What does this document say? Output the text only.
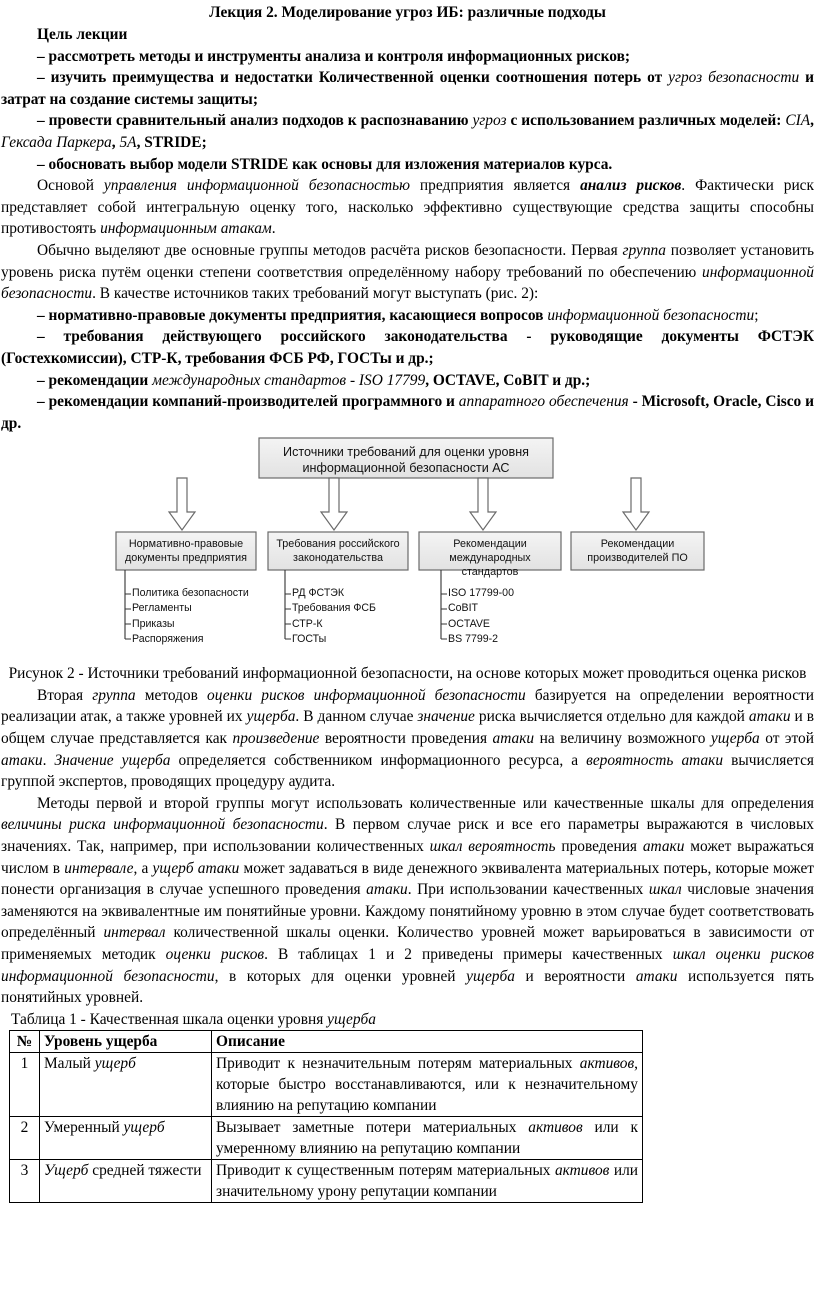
Лекция 2. Моделирование угроз ИБ: различные подходы
Цель лекции
– рассмотреть методы и инструменты анализа и контроля информационных рисков;
– изучить преимущества и недостатки Количественной оценки соотношения потерь от угроз безопасности и затрат на создание системы защиты;
– провести сравнительный анализ подходов к распознаванию угроз с использованием различных моделей: CIA, Гексада Паркера, 5А, STRIDE;
– обосновать выбор модели STRIDE как основы для изложения материалов курса.
Основой управления информационной безопасностью предприятия является анализ рисков. Фактически риск представляет собой интегральную оценку того, насколько эффективно существующие средства защиты способны противостоять информационным атакам.
Обычно выделяют две основные группы методов расчёта рисков безопасности. Первая группа позволяет установить уровень риска путём оценки степени соответствия определённому набору требований по обеспечению информационной безопасности. В качестве источников таких требований могут выступать (рис. 2):
– нормативно-правовые документы предприятия, касающиеся вопросов информационной безопасности;
– требования действующего российского законодательства - руководящие документы ФСТЭК (Гостехкомиссии), СТР-К, требования ФСБ РФ, ГОСТы и др.;
– рекомендации международных стандартов - ISO 17799, OCTAVE, CoBIT и др.;
– рекомендации компаний-производителей программного и аппаратного обеспечения - Microsoft, Oracle, Cisco и др.
Источники требований для оценки уровня информационной безопасности АС
Нормативно-правовые документы предприятия
Требования российского законодательства
Рекомендации международных стандартов
Рекомендации производителей ПО
Политика безопасности
Регламенты
Приказы
Распоряжения
РД ФСТЭК
Требования ФСБ
СТР-К
ГОСТы
ISO 17799-00
CoBIT
OCTAVE
BS 7799-2
Рисунок 2 - Источники требований информационной безопасности, на основе которых может проводиться оценка рисков
Вторая группа методов оценки рисков информационной безопасности базируется на определении вероятности реализации атак, а также уровней их ущерба. В данном случае значение риска вычисляется отдельно для каждой атаки и в общем случае представляется как произведение вероятности проведения атаки на величину возможного ущерба от этой атаки. Значение ущерба определяется собственником информационного ресурса, а вероятность атаки вычисляется группой экспертов, проводящих процедуру аудита.
Методы первой и второй группы могут использовать количественные или качественные шкалы для определения величины риска информационной безопасности. В первом случае риск и все его параметры выражаются в числовых значениях. Так, например, при использовании количественных шкал вероятность проведения атаки может выражаться числом в интервале, а ущерб атаки может задаваться в виде денежного эквивалента материальных потерь, которые может понести организация в случае успешного проведения атаки. При использовании качественных шкал числовые значения заменяются на эквивалентные им понятийные уровни. Каждому понятийному уровню в этом случае будет соответствовать определённый интервал количественной шкалы оценки. Количество уровней может варьироваться в зависимости от применяемых методик оценки рисков. В таблицах 1 и 2 приведены примеры качественных шкал оценки рисков информационной безопасности, в которых для оценки уровней ущерба и вероятности атаки используется пять понятийных уровней.
Таблица 1 - Качественная шкала оценки уровня ущерба
№	Уровень ущерба	Описание
1	Малый ущерб	Приводит к незначительным потерям материальных активов, которые быстро восстанавливаются, или к незначительному влиянию на репутацию компании
2	Умеренный ущерб	Вызывает заметные потери материальных активов или к умеренному влиянию на репутацию компании
3	Ущерб средней тяжести	Приводит к существенным потерям материальных активов или значительному урону репутации компании
